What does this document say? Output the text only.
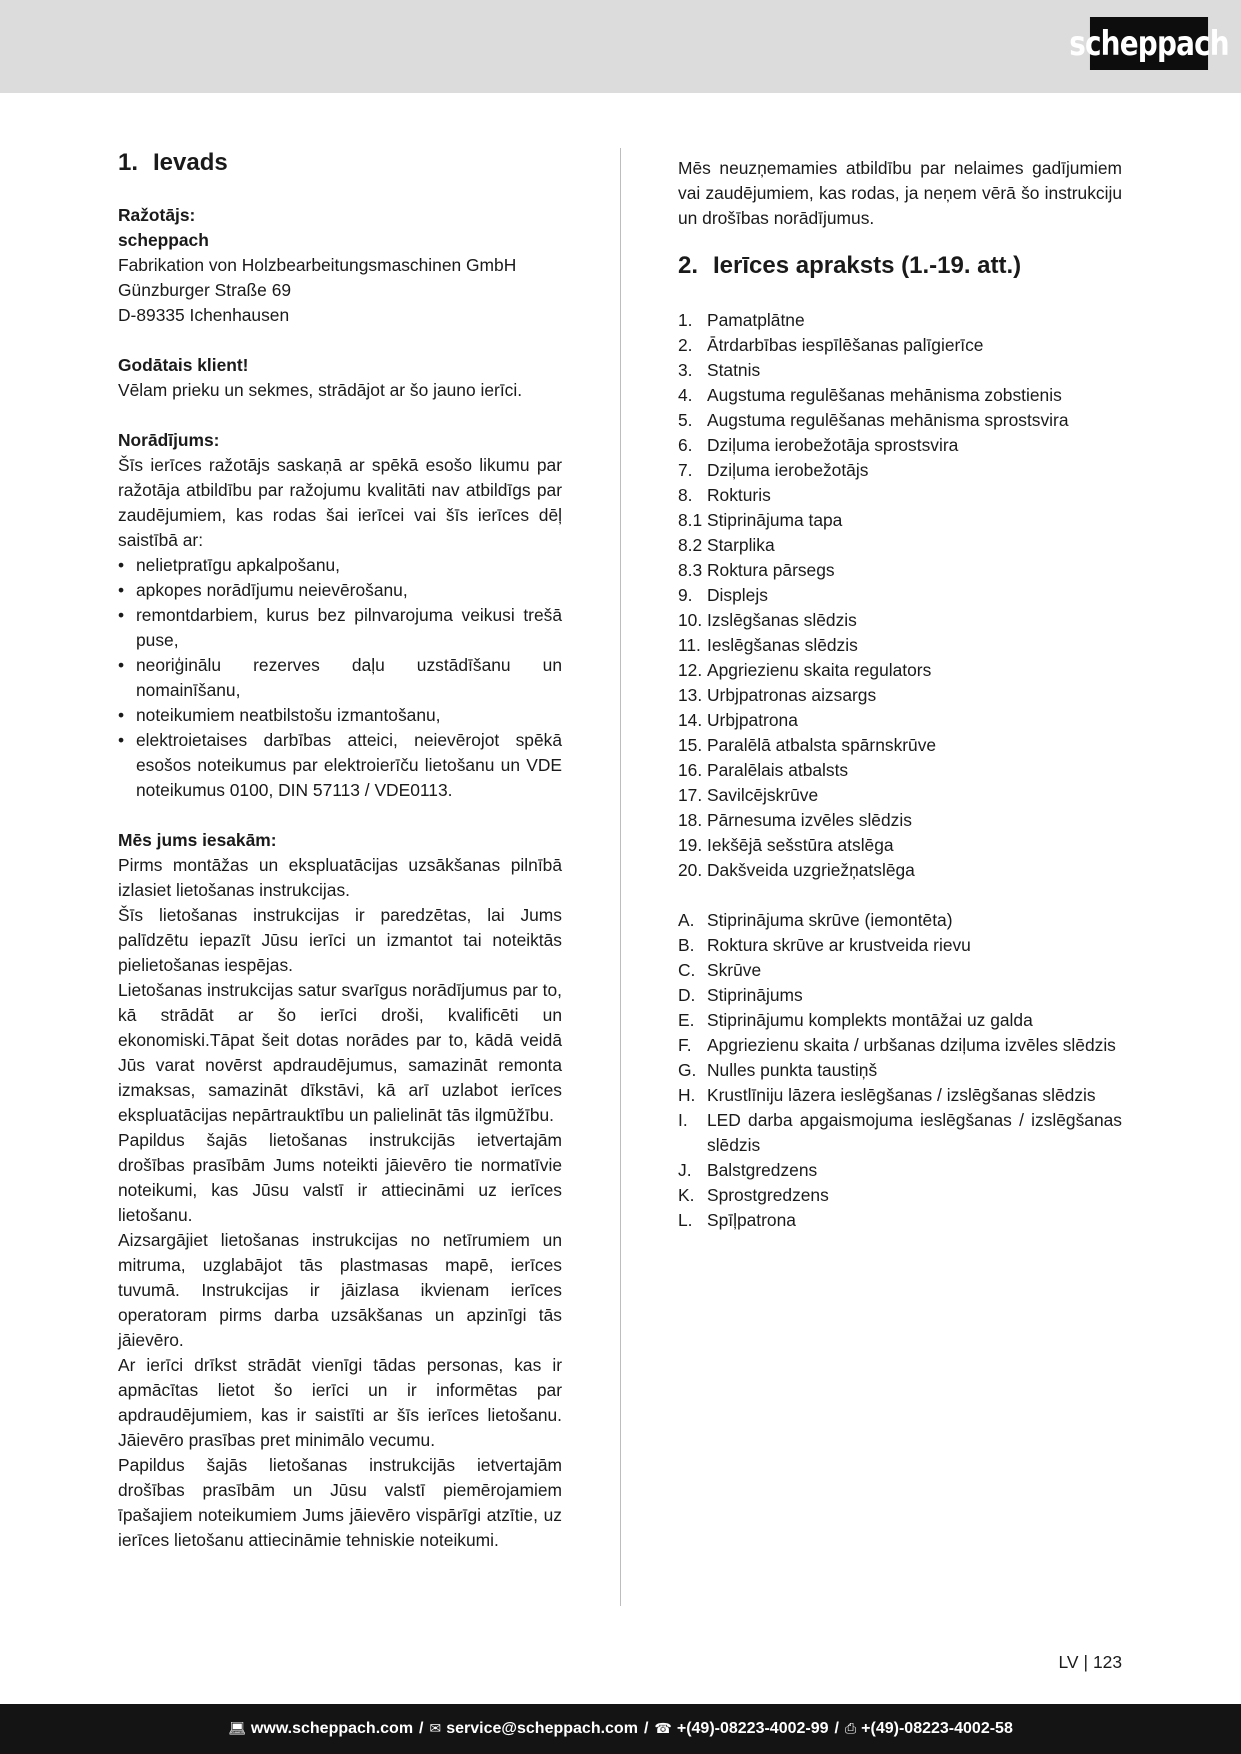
scheppach
1. Ievads
Ražotājs:
scheppach
Fabrikation von Holzbearbeitungsmaschinen GmbH
Günzburger Straße 69
D-89335 Ichenhausen
Godātais klient!

Vēlam prieku un sekmes, strādājot ar šo jauno ierīci.

Norādījums:

Šīs ierīces ražotājs saskaņā ar spēkā esošo likumu par ražotāja atbildību par ražojumu kvalitāti nav atbildīgs par zaudējumiem, kas rodas šai ierīcei vai šīs ierīces dēļ saistībā ar:

• nelietpratīgu apkalpošanu,
• apkopes norādījumu neievērošanu,
• remontdarbiem, kurus bez pilnvarojuma veikusi trešā puse,
• neoriģinālu rezerves daļu uzstādīšanu un nomainīšanu,
• noteikumiem neatbilstošu izmantošanu,
• elektroietaises darbības atteici, neievērojot spēkā esošos noteikumus par elektroierīču lietošanu un VDE noteikumus 0100, DIN 57113 / VDE0113.
Mēs jums iesakām:

Pirms montāžas un ekspluatācijas uzsākšanas pilnībā izlasiet lietošanas instrukcijas.

Šīs lietošanas instrukcijas ir paredzētas, lai Jums palīdzētu iepazīt Jūsu ierīci un izmantot tai noteiktās pielietošanas iespējas.

Lietošanas instrukcijas satur svarīgus norādījumus par to, kā strādāt ar šo ierīci droši, kvalificēti un ekonomiski.Tāpat šeit dotas norādes par to, kādā veidā Jūs varat novērst apdraudējumus, samazināt remonta izmaksas, samazināt dīkstāvi, kā arī uzlabot ierīces ekspluatācijas nepārtrauktību un palielināt tās ilgmūžību.

Papildus šajās lietošanas instrukcijās ietvertajām drošības prasībām Jums noteikti jāievēro tie normatīvie noteikumi, kas Jūsu valstī ir attiecināmi uz ierīces lietošanu.

Aizsargājiet lietošanas instrukcijas no netīrumiem un mitruma, uzglabājot tās plastmasas mapē, ierīces tuvumā. Instrukcijas ir jāizlasa ikvienam ierīces operatoram pirms darba uzsākšanas un apzinīgi tās jāievēro.

Ar ierīci drīkst strādāt vienīgi tādas personas, kas ir apmācītas lietot šo ierīci un ir informētas par apdraudējumiem, kas ir saistīti ar šīs ierīces lietošanu. Jāievēro prasības pret minimālo vecumu.

Papildus šajās lietošanas instrukcijās ietvertajām drošības prasībām un Jūsu valstī piemērojamiem īpašajiem noteikumiem Jums jāievēro vispārīgi atzītie, uz ierīces lietošanu attiecināmie tehniskie noteikumi.

Mēs neuzņemamies atbildību par nelaimes gadījumiem vai zaudējumiem, kas rodas, ja neņem vērā šo instrukciju un drošības norādījumus.

2. Ierīces apraksts (1.-19. att.)
1. Pamatplātne
2. Ātrdarbības iespīlēšanas palīgierīce
3. Statnis
4. Augstuma regulēšanas mehānisma zobstienis
5. Augstuma regulēšanas mehānisma sprostsvira
6. Dziļuma ierobežotāja sprostsvira
7. Dziļuma ierobežotājs
8. Rokturis
8.1 Stiprinājuma tapa
8.2 Starplika
8.3 Roktura pārsegs
9. Displejs
10. Izslēgšanas slēdzis
11. Ieslēgšanas slēdzis
12. Apgriezienu skaita regulators
13. Urbjpatronas aizsargs
14. Urbjpatrona
15. Paralēlā atbalsta spārnskrūve
16. Paralēlais atbalsts
17. Savilcējskrūve
18. Pārnesuma izvēles slēdzis
19. Iekšējā sešstūra atslēga
20. Dakšveida uzgriežņatslēga
A. Stiprinājuma skrūve (iemontēta)
B. Roktura skrūve ar krustveida rievu
C. Skrūve
D. Stiprinājums
E. Stiprinājumu komplekts montāžai uz galda
F. Apgriezienu skaita / urbšanas dziļuma izvēles slēdzis
G. Nulles punkta taustiņš
H. Krustlīniju lāzera ieslēgšanas / izslēgšanas slēdzis
I.	LED darba apgaismojuma ieslēgšanas / izslēgšanas slēdzis
J. Balstgredzens
K. Sprostgredzens
L. Spīļpatrona
LV | 123
💻︎ www.scheppach.com / ✉︎ service@scheppach.com / ☎︎ +(49)-08223-4002-99 / ⎙ +(49)-08223-4002-58
